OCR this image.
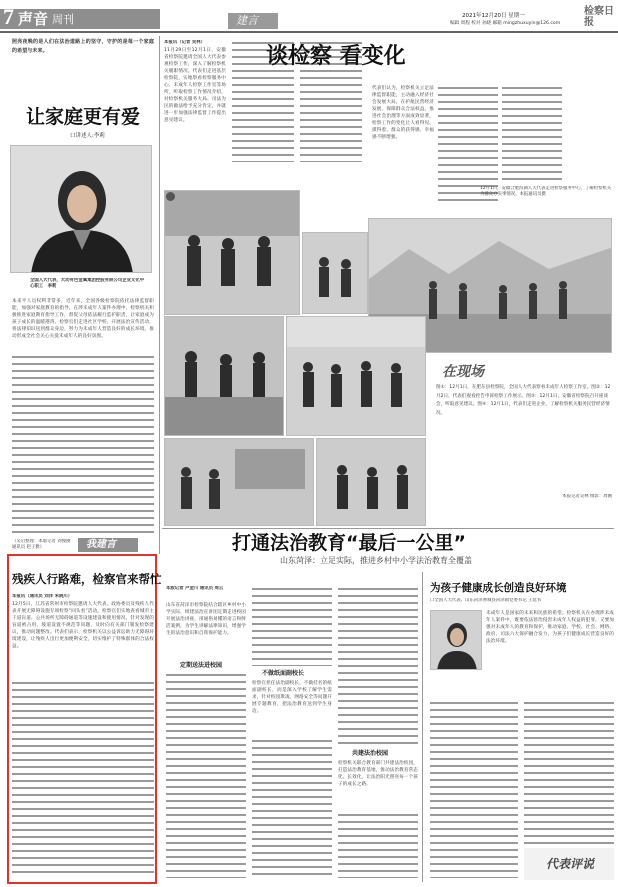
7 声音 周刊	建言	2021年12月20日 星期一
编辑 周程 校对 孙晓 邮箱 mingzhuxuyin@126.com
检察日报
照亮夜晚的是人们在法治道路上的坚守，守护的是每一个家庭的希望与未来。
让家庭更有爱
口讲述人:李莉
全国人大代表，大动有色金属集团控股有限公司企业文化中心职工　李莉
本来平人员权利非常多，近年来，全国各级检察院依托法律监督职能，加强对家庭教育的指导。在涉未成年人案件办理中，检察机关积极推进家庭教育指导工作，督促父母依法履行监护职责，让家庭成为孩子成长的温暖港湾。检察官们走进社区学校，开展法治宣传活动，将法律知识送到群众身边，努力为未成年人营造良好的成长环境，推动形成全社会关心关爱未成年人的良好氛围。
我建言
（吴启整理：本版记者 刘俊丽 通讯员 赵子雅）
本报讯（记者 吴林）
11月29日至12月1日，安徽省检察院邀请全国人大代表参观检察工作，深入了解检察机关履职情况。代表们走进基层检察院，实地察看检察服务中心、未成年人检察工作室等场所，听取检察工作情况介绍，对检察机关服务大局、司法为民的做法给予充分肯定，并就进一步加强法律监督工作提出意见建议。
谈检察 看变化
代表们认为，检察机关立足法律监督职能，主动融入经济社会发展大局，在护航民营经济发展、保障群众合法权益、推进社会治理等方面成效显著，检察工作的变化让人看得见、摸得着，群众的获得感、幸福感不断增强。
12月1日，安徽合肥滨湖人大代表走进检察服务中心，了解检察机关为群众办实事情况。本报通讯员摄
在现场
图①：12月1日，在肥东县检察院，全国人大代表察看未成年人检察工作室。图②：12月2日，代表们观看控告申诉检察工作展示。图③：12月1日，安徽省检察院召开座谈会，听取意见建议。图④：12月1日，代表们走进企业，了解检察机关服务民营经济情况。
本报记者吴林 摄影：周刚
打通法治教育“最后一公里”
山东菏泽：立足实际，推进乡村中小学法治教育全覆盖
残疾人行路难，检察官来帮忙
本报讯（通讯员 刘洋 朱晓川）
12月5日，江苏省常州市检察院邀请人大代表、政协委员及残疾人代表开展无障碍设施专项检察“回头看”活动。检察官们实地查看城市主干道盲道、公共场所无障碍通道等设施建设和使用情况，针对发现的盲道被占用、坡道设置不规范等问题，及时向有关部门制发检察建议，推动问题整改。代表们表示，检察机关以公益诉讼助力无障碍环境建设，让残疾人出行更加便利安全，切实维护了特殊群体的合法权益。
本版记者 卢金川 通讯员 周云
山东省菏泽市检察院结合辖区乡村中小学实际，组建法治宣讲团定期走进校园开展法治讲座，用通俗易懂的语言和鲜活案例，为学生讲解法律知识，增强学生的法治意识和自我保护能力。
定期送法进校园
不做纸面副校长
检察官担任法治副校长，不做挂名的纸面副校长，而是深入学校了解学生需求，针对校园欺凌、网络安全等问题开展专题教育，把法治教育送到学生身边。
共建法治校园
检察机关联合教育部门共建法治校园，打造法治教育基地，推动法治教育常态化、长效化，让法治阳光照亮每一个孩子的成长之路。
为孩子健康成长创造良好环境
口全国人大代表、山东菏泽曹城县菏泽镇党委书记 王延书
未成年人是国家的未来和民族的希望。检察机关在办理涉未成年人案件中，既要依法惩治侵害未成年人权益的犯罪，又要加强对未成年人的教育和保护，推动家庭、学校、社会、网络、政府、司法六大保护融合发力，为孩子们健康成长营造良好的法治环境。
代表评说
